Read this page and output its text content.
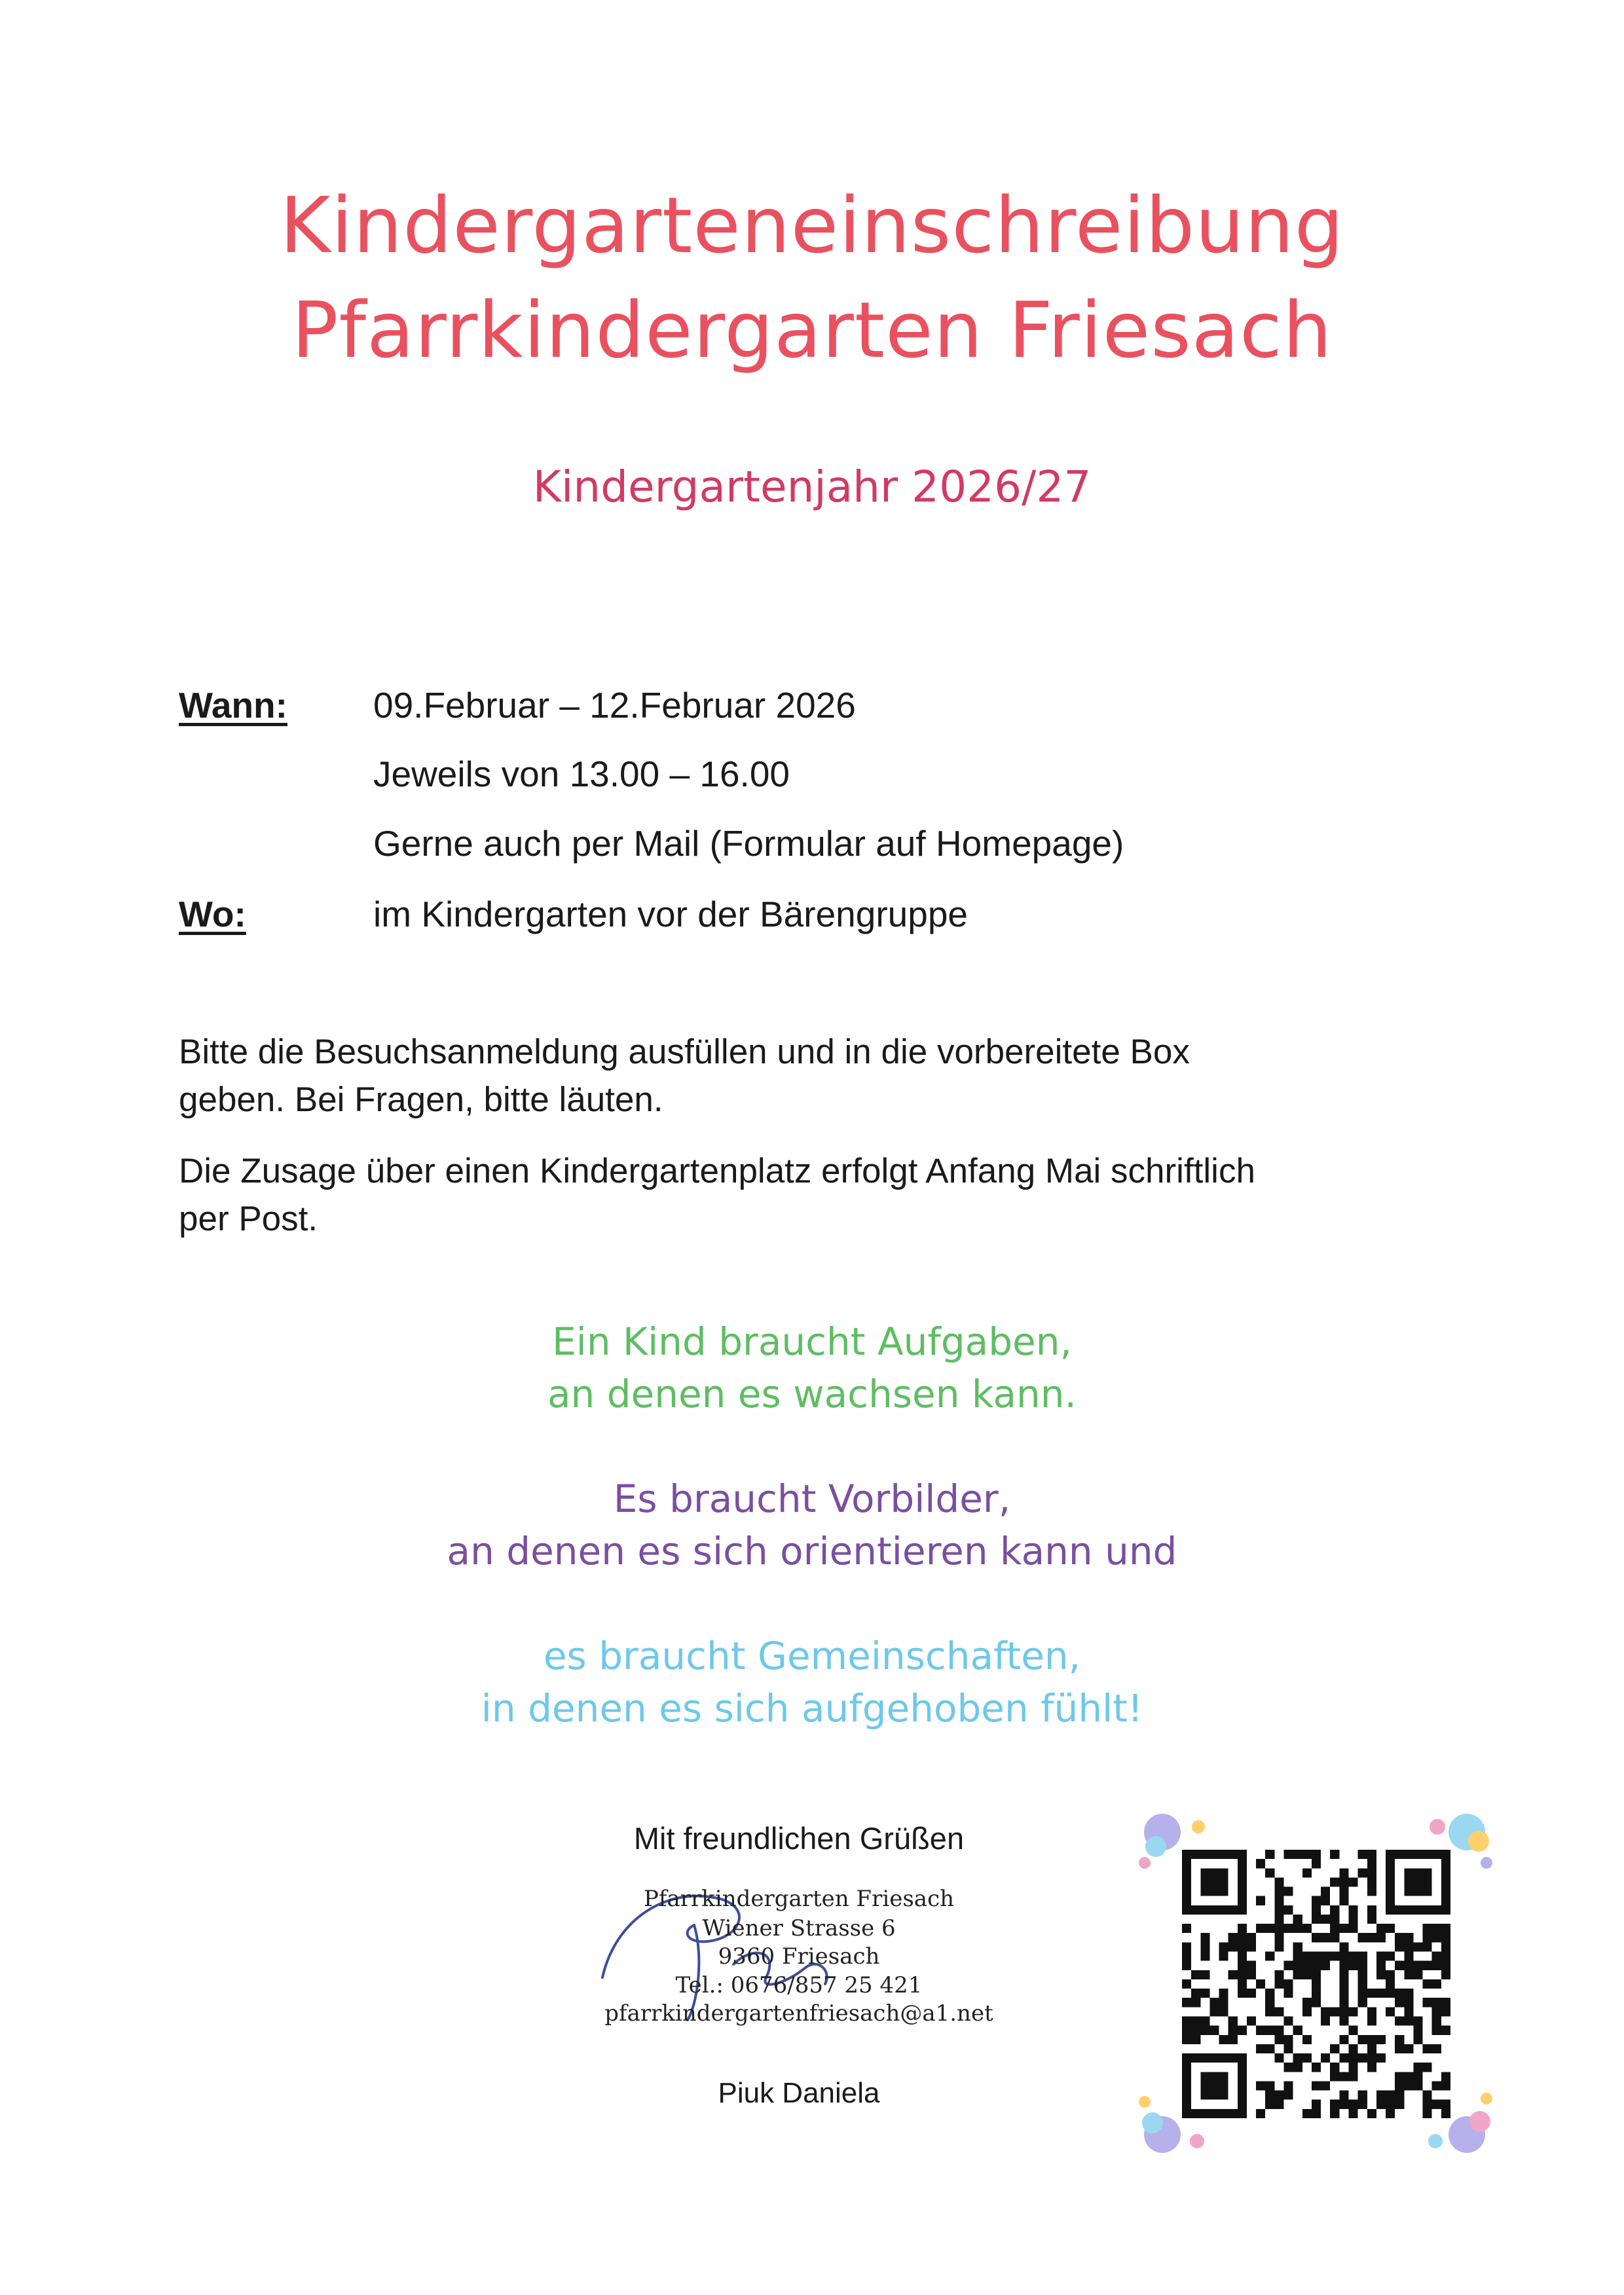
Kindergarteneinschreibung
Pfarrkindergarten Friesach
Kindergartenjahr 2026/27
Wann: 09.Februar – 12.Februar 2026
Jeweils von 13.00 – 16.00
Gerne auch per Mail (Formular auf Homepage)
Wo:	im Kindergarten vor der Bärengruppe
Bitte die Besuchsanmeldung ausfüllen und in die vorbereitete Box
geben. Bei Fragen, bitte läuten.
Die Zusage über einen Kindergartenplatz erfolgt Anfang Mai schriftlich
per Post.
Ein Kind braucht Aufgaben,
an denen es wachsen kann.
Es braucht Vorbilder,
an denen es sich orientieren kann und
es braucht Gemeinschaften,
in denen es sich aufgehoben fühlt!
Mit freundlichen Grüßen
Pfarrkindergarten Friesach
Wiener Strasse 6
9360 Friesach
Tel.: 0676/857 25 421
pfarrkindergartenfriesach@a1.net
Piuk Daniela
